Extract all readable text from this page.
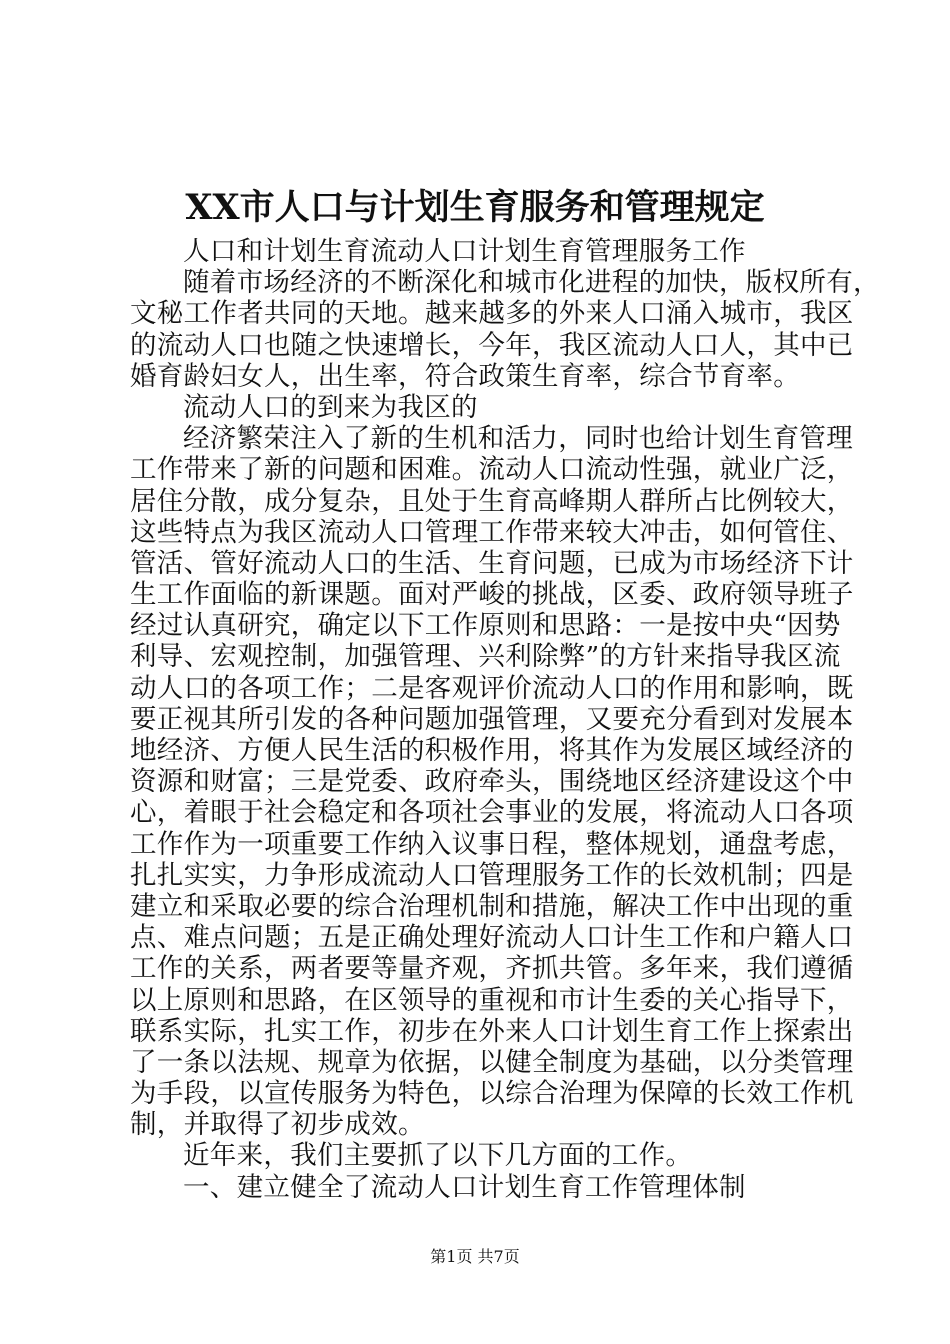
XX市人口与计划生育服务和管理规定
人口和计划生育流动人口计划生育管理服务工作
随着市场经济的不断深化和城市化进程的加快，版权所有，
文秘工作者共同的天地。越来越多的外来人口涌入城市，我区
的流动人口也随之快速增长，今年，我区流动人口人，其中已
婚育龄妇女人，出生率，符合政策生育率，综合节育率。
流动人口的到来为我区的
经济繁荣注入了新的生机和活力，同时也给计划生育管理
工作带来了新的问题和困难。流动人口流动性强，就业广泛，
居住分散，成分复杂，且处于生育高峰期人群所占比例较大，
这些特点为我区流动人口管理工作带来较大冲击，如何管住、
管活、管好流动人口的生活、生育问题，已成为市场经济下计
生工作面临的新课题。面对严峻的挑战，区委、政府领导班子
经过认真研究，确定以下工作原则和思路：一是按中央“因势
利导、宏观控制，加强管理、兴利除弊”的方针来指导我区流
动人口的各项工作；二是客观评价流动人口的作用和影响，既
要正视其所引发的各种问题加强管理，又要充分看到对发展本
地经济、方便人民生活的积极作用，将其作为发展区域经济的
资源和财富；三是党委、政府牵头，围绕地区经济建设这个中
心，着眼于社会稳定和各项社会事业的发展，将流动人口各项
工作作为一项重要工作纳入议事日程，整体规划，通盘考虑，
扎扎实实，力争形成流动人口管理服务工作的长效机制；四是
建立和采取必要的综合治理机制和措施，解决工作中出现的重
点、难点问题；五是正确处理好流动人口计生工作和户籍人口
工作的关系，两者要等量齐观，齐抓共管。多年来，我们遵循
以上原则和思路，在区领导的重视和市计生委的关心指导下，
联系实际，扎实工作，初步在外来人口计划生育工作上探索出
了一条以法规、规章为依据，以健全制度为基础，以分类管理
为手段，以宣传服务为特色，以综合治理为保障的长效工作机
制，并取得了初步成效。
近年来，我们主要抓了以下几方面的工作。
一、建立健全了流动人口计划生育工作管理体制
第1页 共7页
